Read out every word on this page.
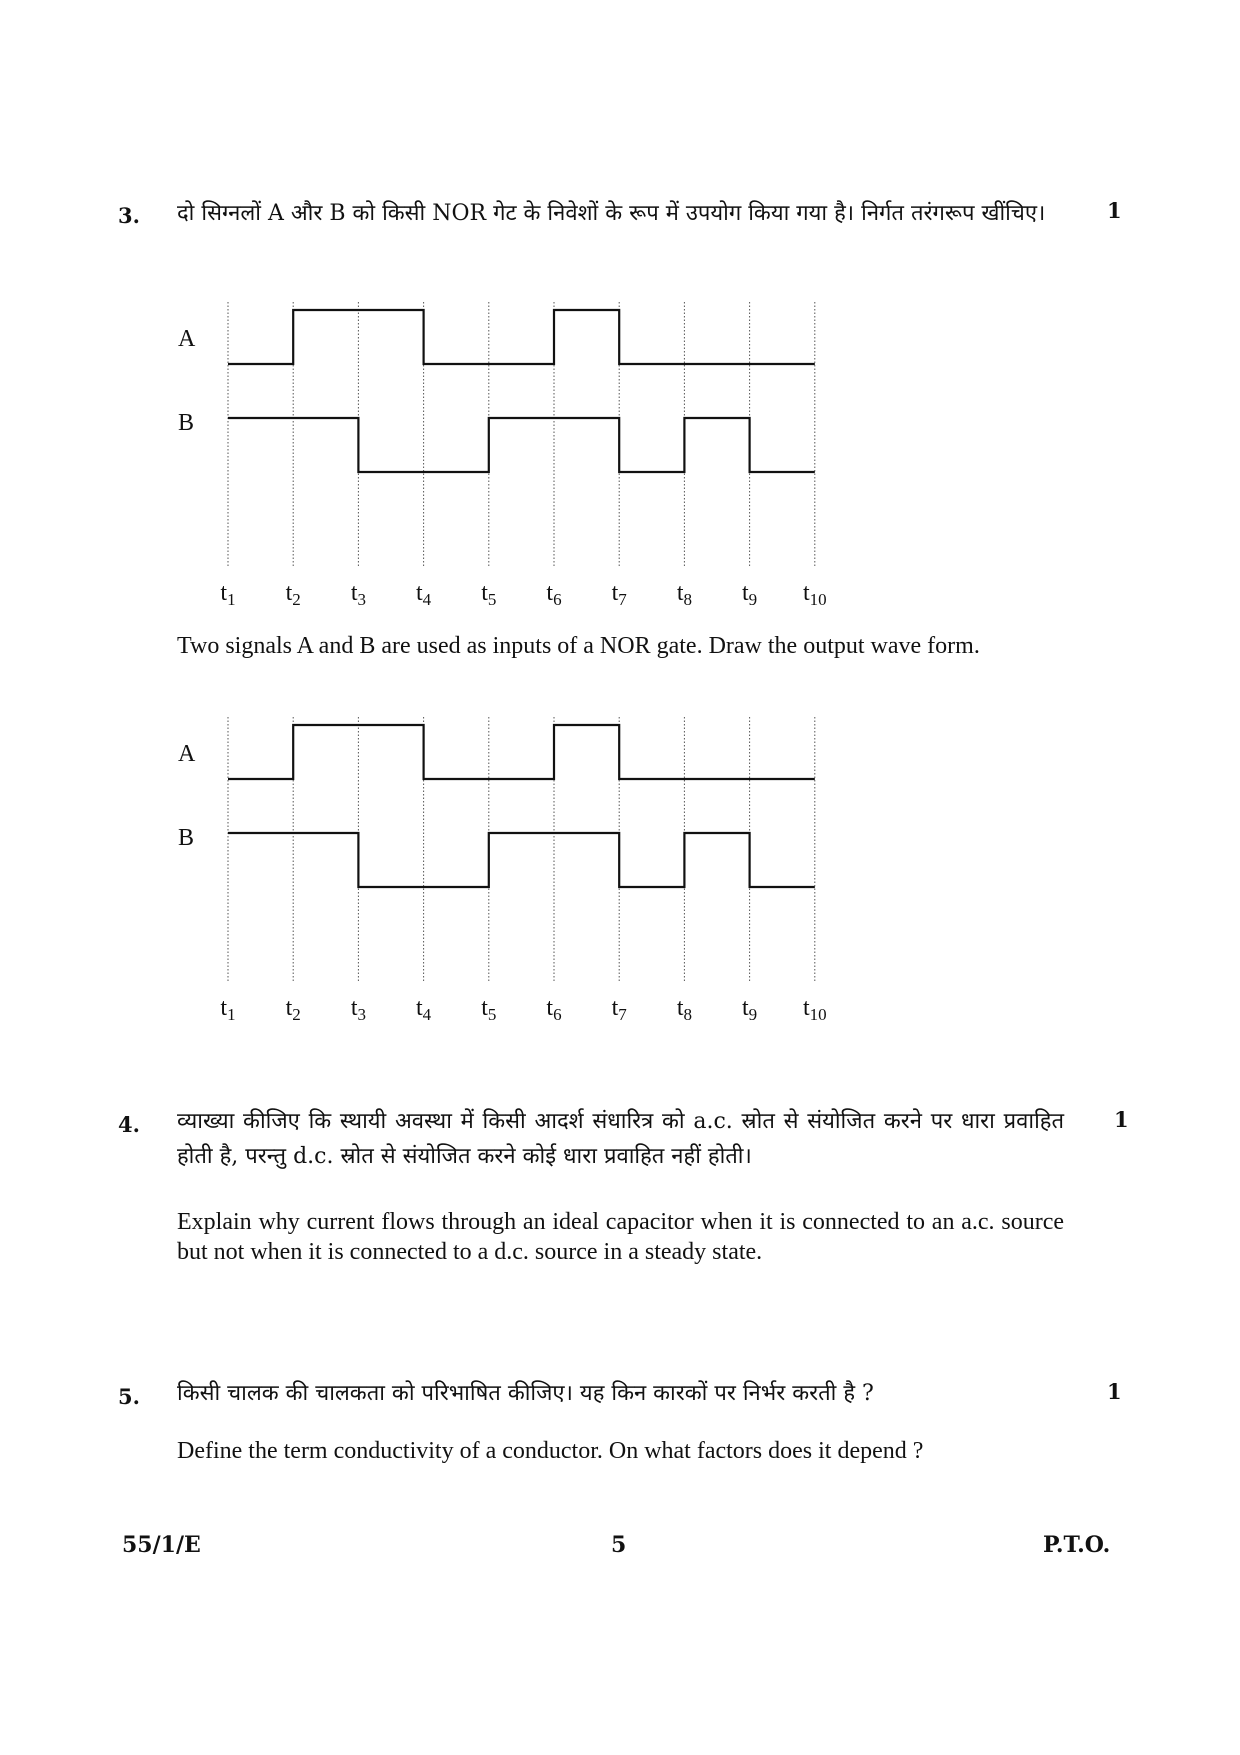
3.	1
दो सिग्नलों A और B को किसी NOR गेट के निवेशों के रूप में उपयोग किया गया है। निर्गत तरंगरूप खींचिए।
$t_1$ $t_2$ $t_3$ $t_4$ $t_5$ $t_6$ $t_7$ $t_8$ $t_9$ $t_{10}$
A
B
Two signals A and B are used as inputs of a NOR gate. Draw the output wave form.
$t_1$ $t_2$ $t_3$ $t_4$ $t_5$ $t_6$ $t_7$ $t_8$ $t_9$ $t_{10}$
A
B
4.	1
व्याख्या कीजिए कि स्थायी अवस्था में किसी आदर्श संधारित्र को a.c. स्रोत से संयोजित करने पर धारा प्रवाहित होती है, परन्तु d.c. स्रोत से संयोजित करने कोई धारा प्रवाहित नहीं होती।
Explain why current flows through an ideal capacitor when it is connected to an a.c. source but not when it is connected to a d.c. source in a steady state.
5.	1
किसी चालक की चालकता को परिभाषित कीजिए। यह किन कारकों पर निर्भर करती है ?
Define the term conductivity of a conductor. On what factors does it depend ?
55/1/E	5	P.T.O.
